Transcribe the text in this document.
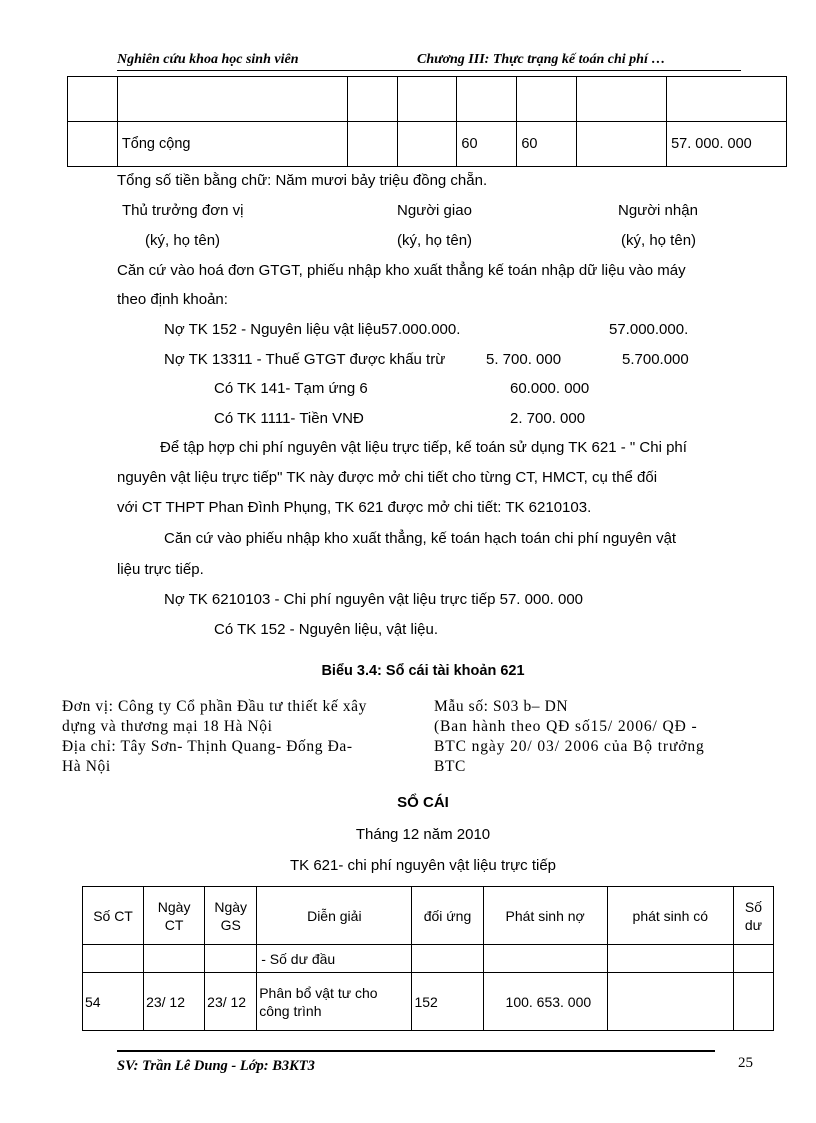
Nghiên cứu khoa học sinh viên	Chương III: Thực trạng kế toán chi phí …

	Tổng cộng			60	60		57. 000. 000
Tổng số tiền bằng chữ: Năm mươi bảy triệu đồng chẵn.
Thủ trưởng đơn vị	Người giao	Người nhận
(ký, họ tên)	(ký, họ tên)	(ký, họ tên)
Căn cứ vào hoá đơn GTGT, phiếu nhập kho xuất thẳng kế toán nhập dữ liệu vào máy
theo định khoản:
Nợ TK 152 - Nguyên liệu vật liệu57.000.000.	57.000.000.
Nợ TK 13311 - Thuế GTGT được khấu trừ	5. 700. 000	5.700.000
Có TK 141- Tạm ứng 6	60.000. 000
Có TK 1111- Tiền VNĐ	2. 700. 000
Để tập hợp chi phí nguyên vật liệu trực tiếp, kế toán sử dụng TK 621 - " Chi phí
nguyên vật liệu trực tiếp" TK này được mở chi tiết cho từng CT, HMCT, cụ thể đối
với CT THPT Phan Đình Phụng, TK 621 được mở chi tiết: TK 6210103.
Căn cứ vào phiếu nhập kho xuất thẳng, kế toán hạch toán chi phí nguyên vật
liệu trực tiếp.
Nợ TK 6210103 - Chi phí nguyên vật liệu trực tiếp 57. 000. 000
Có TK 152 - Nguyên liệu, vật liệu.
Biểu 3.4: Sổ cái tài khoản 621
Đơn vị: Công ty Cổ phần Đầu tư thiết kế xây
dựng và thương mại 18 Hà Nội
Địa chỉ: Tây Sơn- Thịnh Quang- Đống Đa-
Hà Nội
Mẫu số: S03 b– DN
(Ban hành theo QĐ số15/ 2006/ QĐ -
BTC ngày 20/ 03/ 2006 của Bộ trưởng
BTC
SỔ CÁI
Tháng 12 năm 2010
TK 621- chi phí nguyên vật liệu trực tiếp
Số CT	Ngày CT	Ngày GS	Diễn giải	đối ứng	Phát sinh nợ	phát sinh có	Số dư
			- Số dư đầu				
54	23/ 12	23/ 12	Phân bổ vật tư cho công trình	152	100. 653. 000		
SV: Trần Lê Dung - Lớp: B3KT3	25
